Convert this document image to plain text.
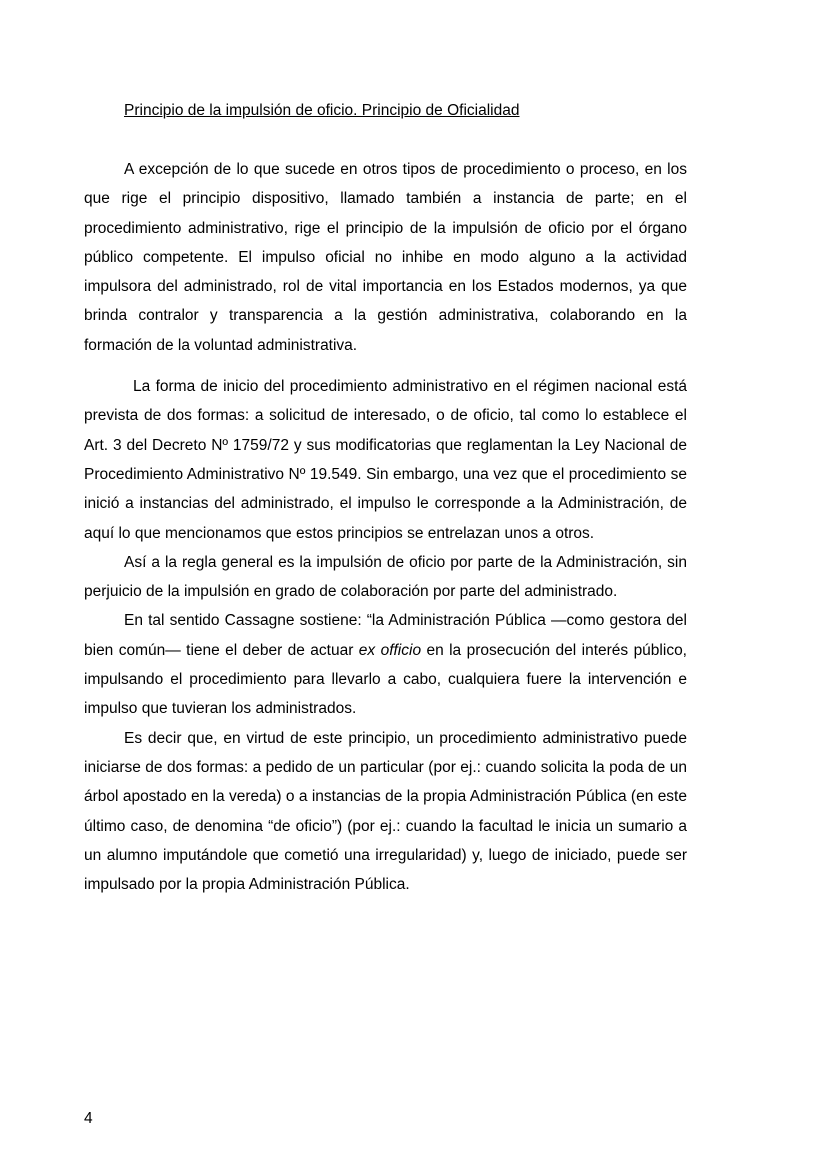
Principio de la impulsión de oficio. Principio de Oficialidad

A excepción de lo que sucede en otros tipos de procedimiento o proceso, en los que rige el principio dispositivo, llamado también a instancia de parte; en el procedimiento administrativo, rige el principio de la impulsión de oficio por el órgano público competente. El impulso oficial no inhibe en modo alguno a la actividad impulsora del administrado, rol de vital importancia en los Estados modernos, ya que brinda contralor y transparencia a la gestión administrativa, colaborando en la formación de la voluntad administrativa.

La forma de inicio del procedimiento administrativo en el régimen nacional está prevista de dos formas: a solicitud de interesado, o de oficio, tal como lo establece el Art. 3 del Decreto Nº 1759/72 y sus modificatorias que reglamentan la Ley Nacional de Procedimiento Administrativo Nº 19.549. Sin embargo, una vez que el procedimiento se inició a instancias del administrado, el impulso le corresponde a la Administración, de aquí lo que mencionamos que estos principios se entrelazan unos a otros.

Así a la regla general es la impulsión de oficio por parte de la Administración, sin perjuicio de la impulsión en grado de colaboración por parte del administrado.

En tal sentido Cassagne sostiene: “la Administración Pública —como gestora del bien común— tiene el deber de actuar ex officio en la prosecución del interés público, impulsando el procedimiento para llevarlo a cabo, cualquiera fuere la intervención e impulso que tuvieran los administrados.

Es decir que, en virtud de este principio, un procedimiento administrativo puede iniciarse de dos formas: a pedido de un particular (por ej.: cuando solicita la poda de un árbol apostado en la vereda) o a instancias de la propia Administración Pública (en este último caso, de denomina “de oficio”) (por ej.: cuando la facultad le inicia un sumario a un alumno imputándole que cometió una irregularidad) y, luego de iniciado, puede ser impulsado por la propia Administración Pública.

4
